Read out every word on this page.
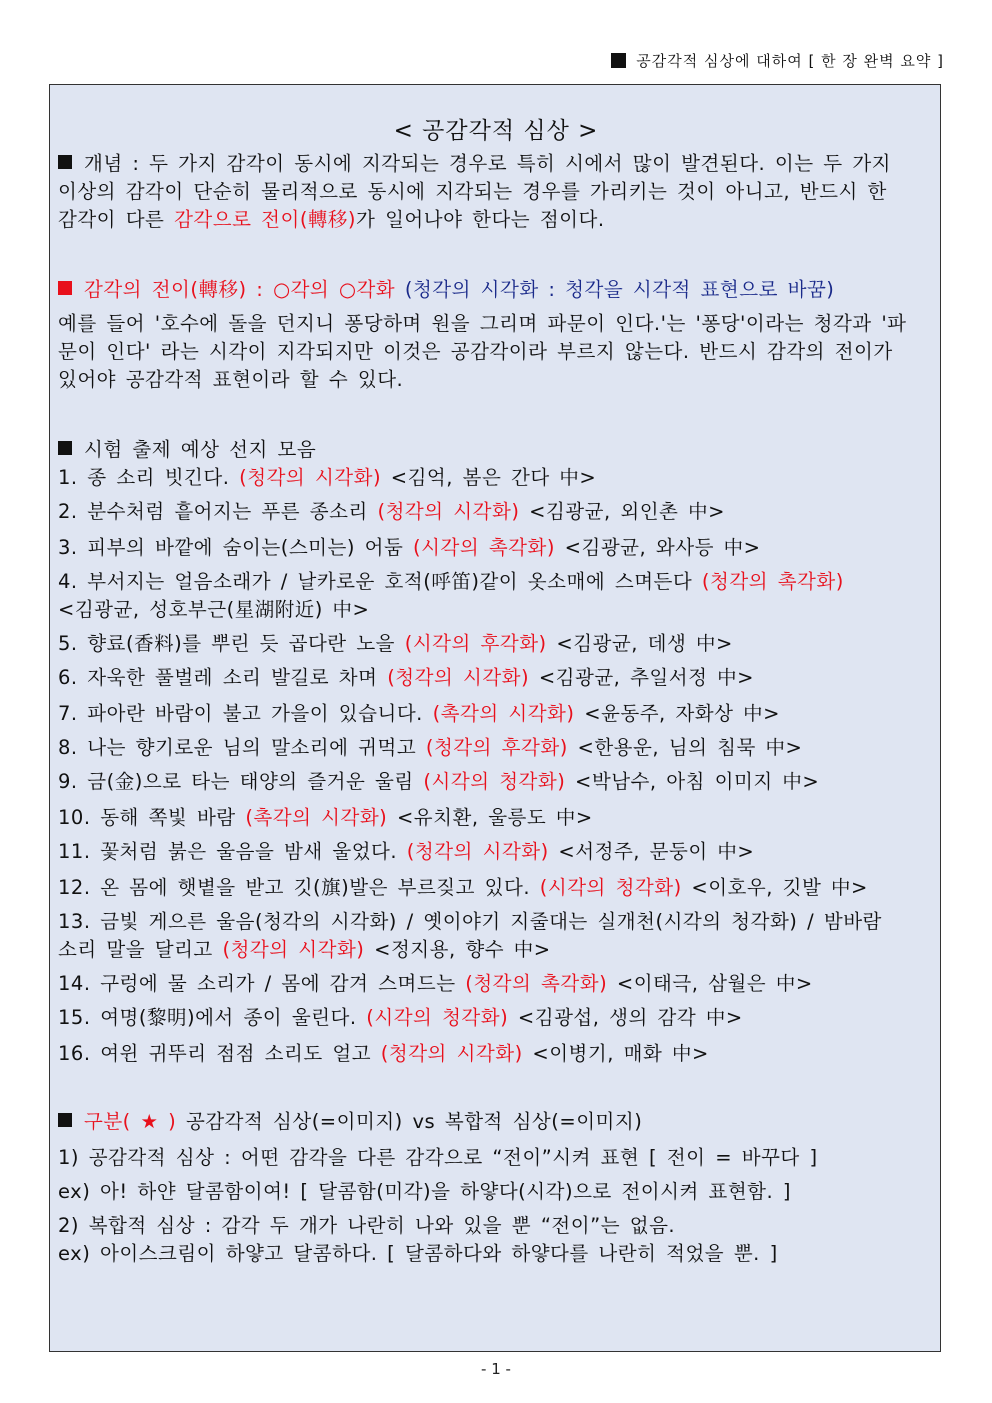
공감각적 심상에 대하여 [ 한 장 완벽 요약 ]
< 공감각적 심상 >
개념 : 두 가지 감각이 동시에 지각되는 경우로 특히 시에서 많이 발견된다. 이는 두 가지 이상의 감각이 단순히 물리적으로 동시에 지각되는 경우를 가리키는 것이 아니고, 반드시 한 감각이 다른 감각으로 전이(轉移)가 일어나야 한다는 점이다.
감각의 전이(轉移) : ○각의 ○각화 (청각의 시각화 : 청각을 시각적 표현으로 바꿈)
예를 들어 '호수에 돌을 던지니 퐁당하며 원을 그리며 파문이 인다.'는 '퐁당'이라는 청각과 '파문이 인다' 라는 시각이 지각되지만 이것은 공감각이라 부르지 않는다. 반드시 감각의 전이가 있어야 공감각적 표현이라 할 수 있다.
시험 출제 예상 선지 모음
1. 종 소리 빗긴다. (청각의 시각화) <김억, 봄은 간다 中>
2. 분수처럼 흩어지는 푸른 종소리 (청각의 시각화) <김광균, 외인촌 中>
3. 피부의 바깥에 숨이는(스미는) 어둠 (시각의 촉각화) <김광균, 와사등 中>
4. 부서지는 얼음소래가 / 날카로운 호적(呼笛)같이 옷소매에 스며든다 (청각의 촉각화)
<김광균, 성호부근(星湖附近) 中>
5. 향료(香料)를 뿌린 듯 곱다란 노을 (시각의 후각화) <김광균, 데생 中>
6. 자욱한 풀벌레 소리 발길로 차며 (청각의 시각화) <김광균, 추일서정 中>
7. 파아란 바람이 불고 가을이 있습니다. (촉각의 시각화) <윤동주, 자화상 中>
8. 나는 향기로운 님의 말소리에 귀먹고 (청각의 후각화) <한용운, 님의 침묵 中>
9. 금(金)으로 타는 태양의 즐거운 울림 (시각의 청각화) <박남수, 아침 이미지 中>
10. 동해 쪽빛 바람 (촉각의 시각화) <유치환, 울릉도 中>
11. 꽃처럼 붉은 울음을 밤새 울었다. (청각의 시각화) <서정주, 문둥이 中>
12. 온 몸에 햇볕을 받고 깃(旗)발은 부르짖고 있다. (시각의 청각화) <이호우, 깃발 中>
13. 금빛 게으른 울음(청각의 시각화) / 옛이야기 지줄대는 실개천(시각의 청각화) / 밤바람 소리 말을 달리고 (청각의 시각화) <정지용, 향수 中>
14. 구렁에 물 소리가 / 몸에 감겨 스며드는 (청각의 촉각화) <이태극, 삼월은 中>
15. 여명(黎明)에서 종이 울린다. (시각의 청각화) <김광섭, 생의 감각 中>
16. 여윈 귀뚜리 점점 소리도 얼고 (청각의 시각화) <이병기, 매화 中>
구분( ★ ) 공감각적 심상(=이미지) vs 복합적 심상(=이미지)
1) 공감각적 심상 : 어떤 감각을 다른 감각으로 “전이”시켜 표현 [ 전이 = 바꾸다 ]
ex) 아! 하얀 달콤함이여! [ 달콤함(미각)을 하얗다(시각)으로 전이시켜 표현함. ]
2) 복합적 심상 : 감각 두 개가 나란히 나와 있을 뿐 “전이”는 없음.
ex) 아이스크림이 하얗고 달콤하다. [ 달콤하다와 하얗다를 나란히 적었을 뿐. ]
- 1 -
